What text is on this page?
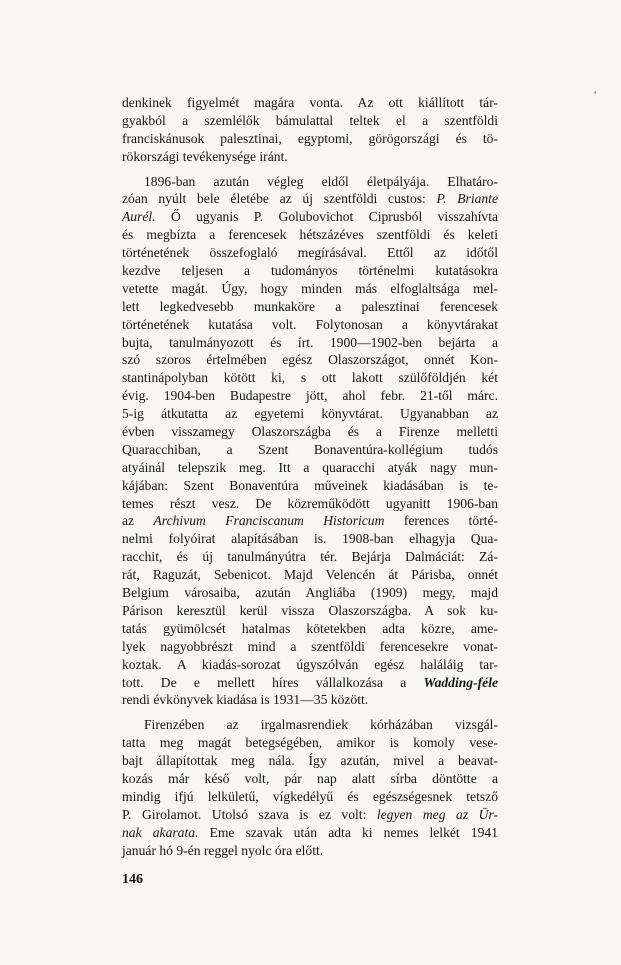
denkinek figyelmét magára vonta. Az ott kiállított tár-
gyakból a szemlélők bámulattal teltek el a szentföldi
franciskánusok palesztinai, egyptomi, görögországi és tö-
rökországi tevékenysége iránt.
1896-ban azután végleg eldől életpályája. Elhatáro-
zóan nyúlt bele életébe az új szentföldi custos: P. Briante
Aurél. Ő ugyanis P. Golubovichot Ciprusból visszahívta
és megbízta a ferencesek hétszázéves szentföldi és keleti
történetének összefoglaló megírásával. Ettől az időtől
kezdve teljesen a tudományos történelmi kutatásokra
vetette magát. Úgy, hogy minden más elfoglaltsága mel-
lett legkedvesebb munkaköre a palesztinai ferencesek
történetének kutatása volt. Folytonosan a könyvtárakat
bujta, tanulmányozott és írt. 1900—1902-ben bejárta a
szó szoros értelmében egész Olaszországot, onnét Kon-
stantinápolyban kötött ki, s ott lakott szülőföldjén két
évig. 1904-ben Budapestre jött, ahol febr. 21-től márc.
5-ig átkutatta az egyetemi könyvtárat. Ugyanabban az
évben visszamegy Olaszországba és a Firenze melletti
Quaracchiban, a Szent Bonaventúra-kollégium tudós
atyáinál telepszik meg. Itt a quaracchi atyák nagy mun-
kájában: Szent Bonaventúra műveinek kiadásában is te-
temes részt vesz. De közreműködött ugyanitt 1906-ban
az Archivum Franciscanum Historicum ferences törté-
nelmi folyóirat alapításában is. 1908-ban elhagyja Qua-
racchit, és új tanulmányútra tér. Bejárja Dalmáciát: Zá-
rát, Raguzát, Sebenicot. Majd Velencén át Párisba, onnét
Belgium városaiba, azután Angliába (1909) megy, majd
Párison keresztül kerül vissza Olaszországba. A sok ku-
tatás gyümölcsét hatalmas kötetekben adta közre, ame-
lyek nagyobbrészt mind a szentföldi ferencesekre vonat-
koztak. A kiadás-sorozat úgyszólván egész haláláig tar-
tott. De e mellett híres vállalkozása a Wadding-féle
rendi évkönyvek kiadása is 1931—35 között.
Firenzében az irgalmasrendiek kórházában vizsgál-
tatta meg magát betegségében, amikor is komoly vese-
bajt állapítottak meg nála. Így azután, mivel a beavat-
kozás már késő volt, pár nap alatt sírba döntötte a
mindig ifjú lelkületű, vígkedélyű és egészségesnek tetsző
P. Girolamot. Utolsó szava is ez volt: legyen meg az Ūr-
nak akarata. Eme szavak után adta ki nemes lelkét 1941
január hó 9-én reggel nyolc óra előtt.
146
'
